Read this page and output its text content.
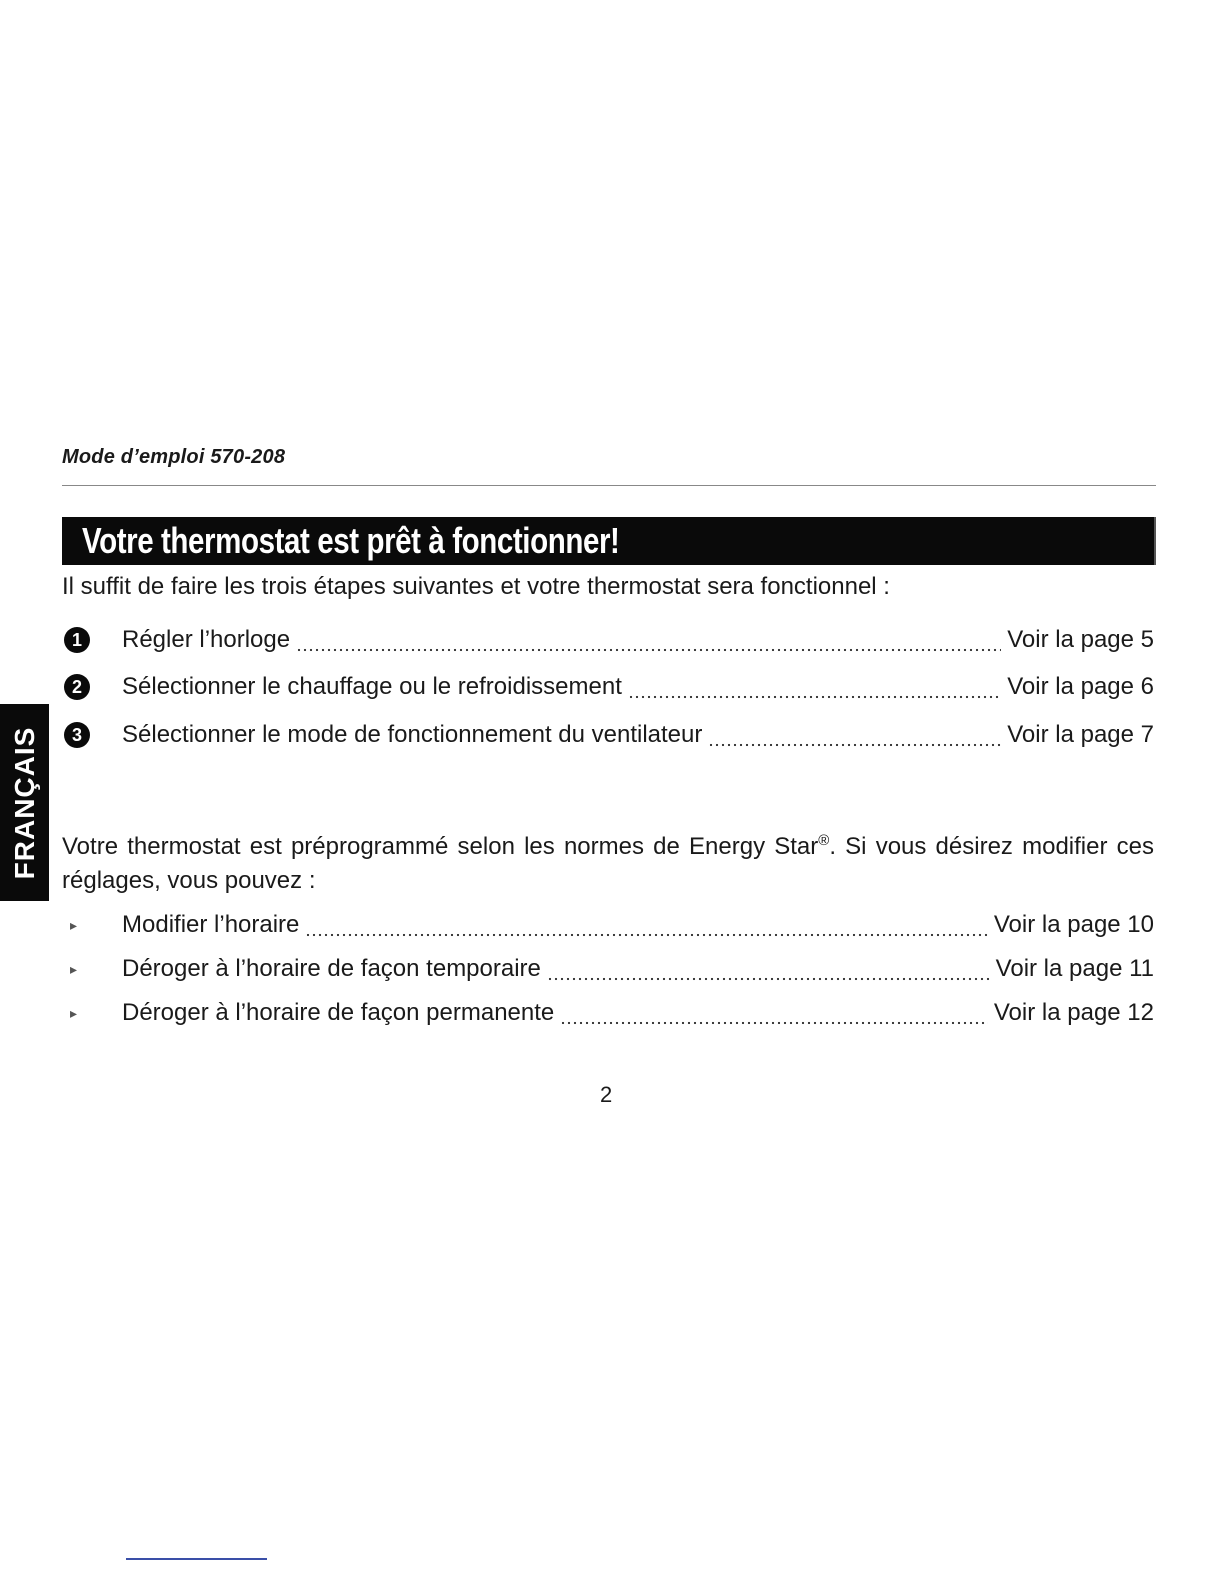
Mode d’emploi 570-208
Votre thermostat est prêt à fonctionner!
Il suffit de faire les trois étapes suivantes et votre thermostat sera fonctionnel :
1	Régler l’horloge	Voir la page 5
2	Sélectionner le chauffage ou le refroidissement	Voir la page 6
3	Sélectionner le mode de fonctionnement du ventilateur	Voir la page 7
Votre thermostat est préprogrammé selon les normes de Energy Star®. Si vous désirez modifier ces réglages, vous pouvez :
▸	Modifier l’horaire	Voir la page 10
▸	Déroger à l’horaire de façon temporaire	Voir la page 11
▸	Déroger à l’horaire de façon permanente	Voir la page 12
2
FRANÇAIS
